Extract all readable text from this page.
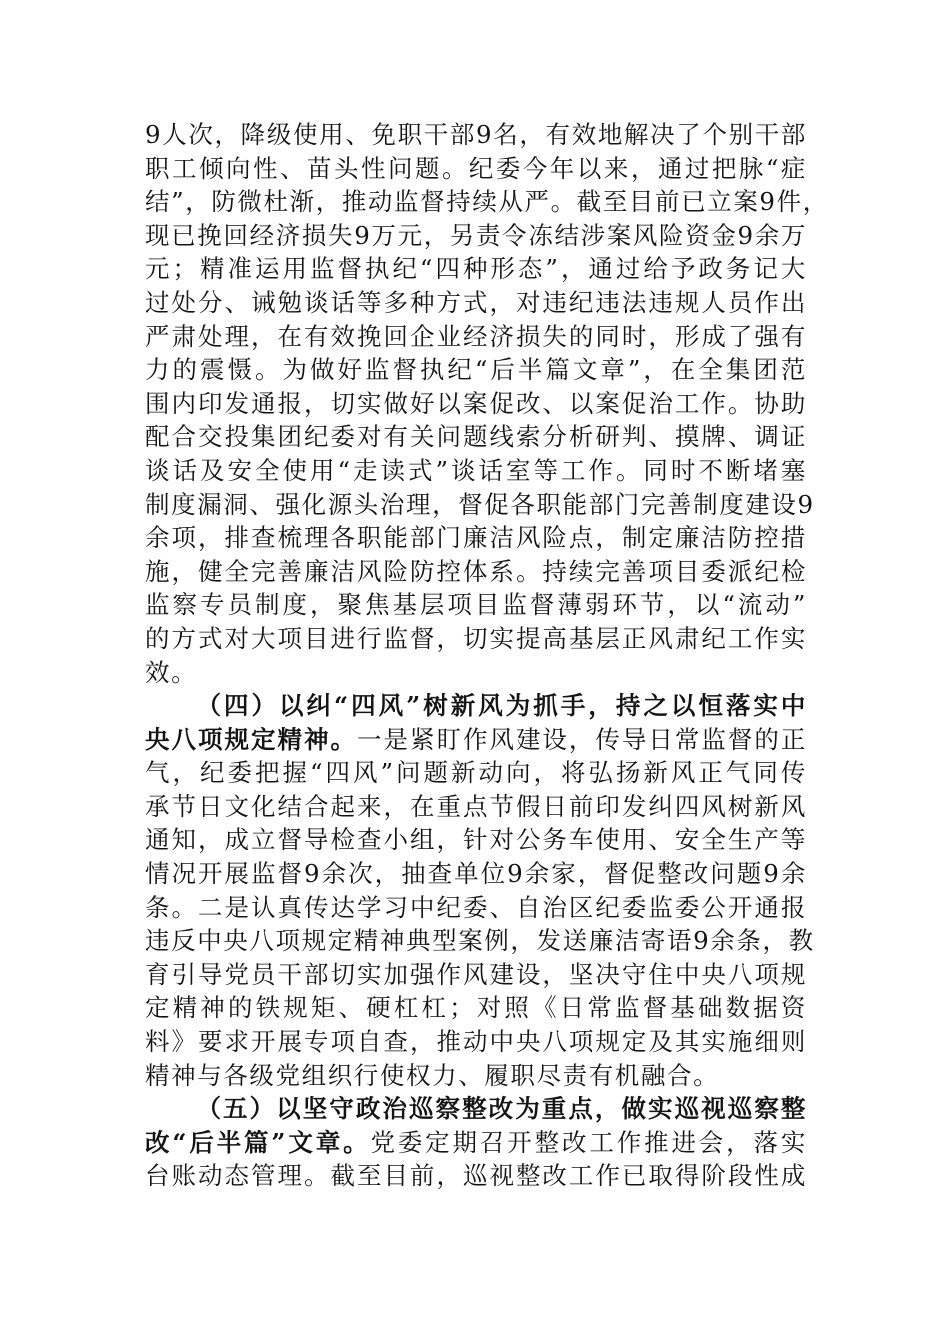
9人次，降级使用、免职干部9名，有效地解决了个别干部
职工倾向性、苗头性问题。纪委今年以来，通过把脉“症
结”，防微杜渐，推动监督持续从严。截至目前已立案9件，
现已挽回经济损失9万元，另责令冻结涉案风险资金9余万
元；精准运用监督执纪“四种形态”，通过给予政务记大
过处分、诫勉谈话等多种方式，对违纪违法违规人员作出
严肃处理，在有效挽回企业经济损失的同时，形成了强有
力的震慑。为做好监督执纪“后半篇文章”，在全集团范
围内印发通报，切实做好以案促改、以案促治工作。协助
配合交投集团纪委对有关问题线索分析研判、摸牌、调证
谈话及安全使用“走读式”谈话室等工作。同时不断堵塞
制度漏洞、强化源头治理，督促各职能部门完善制度建设9
余项，排查梳理各职能部门廉洁风险点，制定廉洁防控措
施，健全完善廉洁风险防控体系。持续完善项目委派纪检
监察专员制度，聚焦基层项目监督薄弱环节，以“流动”
的方式对大项目进行监督，切实提高基层正风肃纪工作实
效。
（四）以纠“四风”树新风为抓手，持之以恒落实中
央八项规定精神。一是紧盯作风建设，传导日常监督的正
气，纪委把握“四风”问题新动向，将弘扬新风正气同传
承节日文化结合起来，在重点节假日前印发纠四风树新风
通知，成立督导检查小组，针对公务车使用、安全生产等
情况开展监督9余次，抽查单位9余家，督促整改问题9余
条。二是认真传达学习中纪委、自治区纪委监委公开通报
违反中央八项规定精神典型案例，发送廉洁寄语9余条，教
育引导党员干部切实加强作风建设，坚决守住中央八项规
定精神的铁规矩、硬杠杠；对照《日常监督基础数据资
料》要求开展专项自查，推动中央八项规定及其实施细则
精神与各级党组织行使权力、履职尽责有机融合。
（五）以坚守政治巡察整改为重点，做实巡视巡察整
改“后半篇”文章。党委定期召开整改工作推进会，落实
台账动态管理。截至目前，巡视整改工作已取得阶段性成
